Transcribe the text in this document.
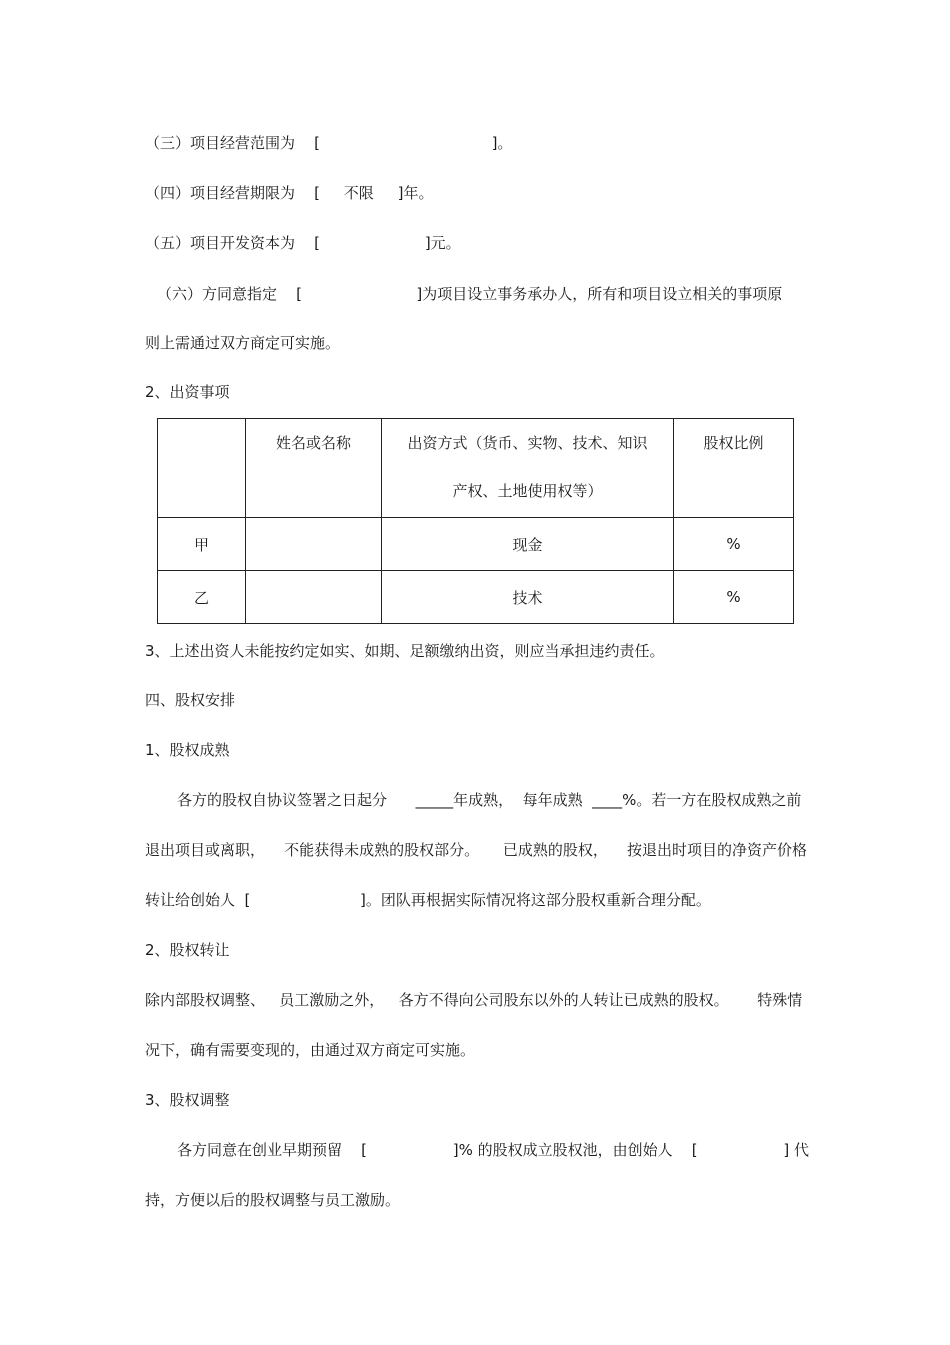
（三）项目经营范围为    [                                    ]。
（四）项目经营期限为    [     不限     ]年。
（五）项目开发资本为    [                      ]元。
（六）方同意指定    [                        ]为项目设立事务承办人，所有和项目设立相关的事项原
则上需通过双方商定可实施。
2、出资事项
	姓名或名称	出资方式（货币、实物、技术、知识
产权、土地使用权等）	股权比例
甲		现金	%
乙		技术	%
3、上述出资人未能按约定如实、如期、足额缴纳出资，则应当承担违约责任。
四、股权安排
1、股权成熟
各方的股权自协议签署之日起分      _____年成熟，  每年成熟  ____%。若一方在股权成熟之前
退出项目或离职，    不能获得未成熟的股权部分。     已成熟的股权，    按退出时项目的净资产价格
转让给创始人  [                       ]。团队再根据实际情况将这部分股权重新合理分配。
2、股权转让
除内部股权调整、   员工激励之外，   各方不得向公司股东以外的人转让已成熟的股权。      特殊情
况下，确有需要变现的，由通过双方商定可实施。
3、股权调整
各方同意在创业早期预留    [                  ]% 的股权成立股权池，由创始人    [                  ] 代
持，方便以后的股权调整与员工激励。
